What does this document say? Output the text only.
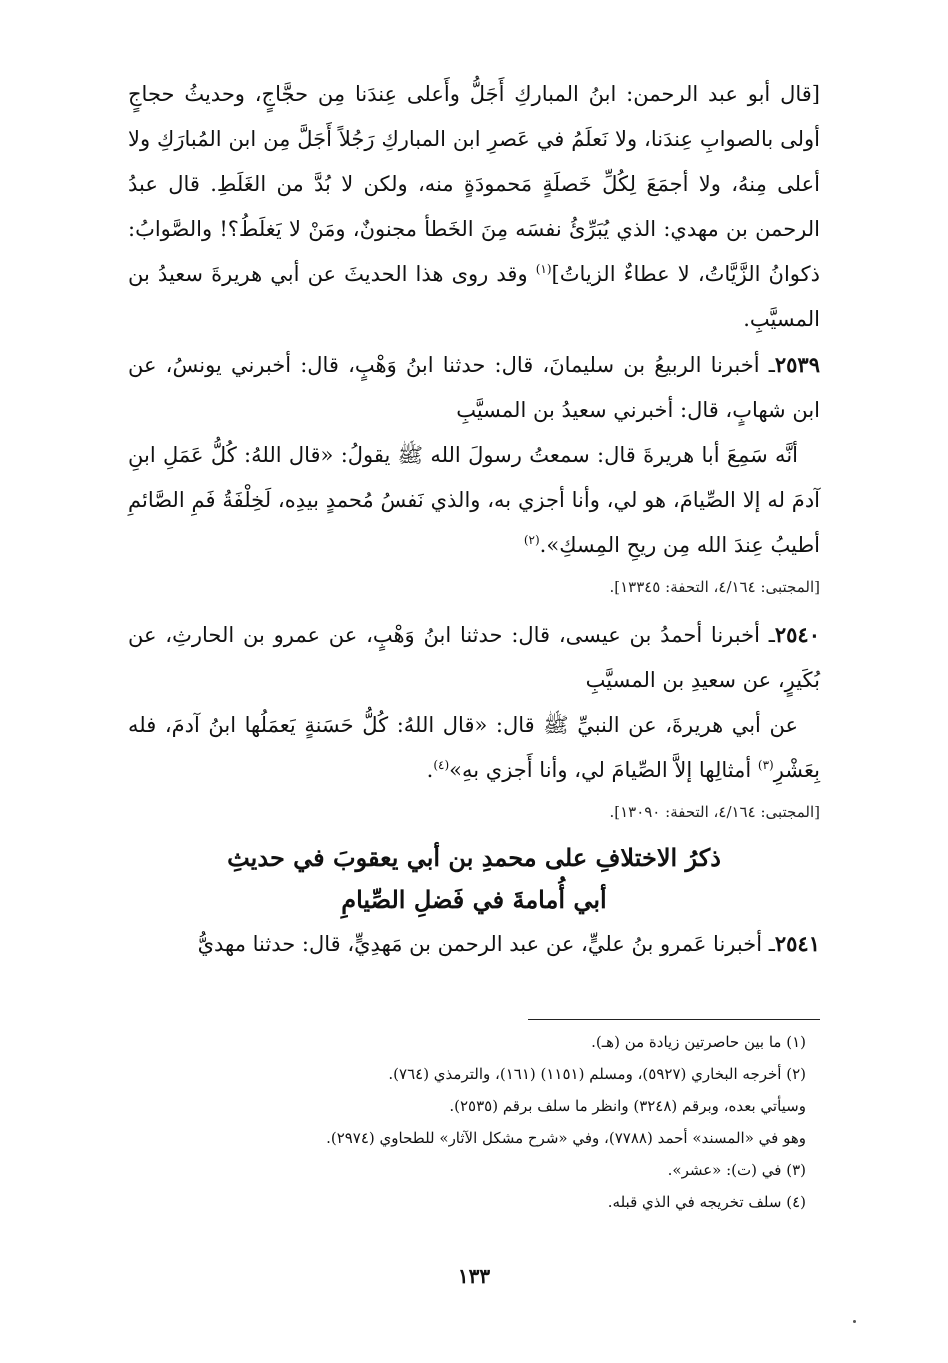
[قال أبو عبد الرحمن: ابنُ المباركِ أَجَلُّ وأَعلى عِندَنا مِن حجَّاجٍ، وحديثُ حجاجٍ أولى بالصوابِ عِندَنا، ولا نَعلَمُ في عَصرِ ابن المباركِ رَجُلاً أَجَلَّ مِن ابن المُبارَكِ ولا أعلى مِنهُ، ولا أجمَعَ لِكُلِّ خَصلَةٍ مَحمودَةٍ منه، ولكن لا بُدَّ من الغَلَطِ. قال عبدُ الرحمن بن مهدي: الذي يُبَرِّئُ نفسَه مِنَ الخَطأ مجنونٌ، ومَنْ لا يَغلَطُ؟! والصَّوابُ: ذكوانُ الزَّيَّاتُ، لا عطاءٌ الزياتُ]$^{(١)}$ وقد روى هذا الحديثَ عن أبي هريرةَ سعيدُ بن المسيَّبِ.

٢٥٣٩ـ أخبرنا الربيعُ بن سليمانَ، قال: حدثنا ابنُ وَهْبٍ، قال: أخبرني يونسُ، عن ابن شهابٍ، قال: أخبرني سعيدُ بن المسيَّبِ

أنَّه سَمِعَ أبا هريرةَ قال: سمعتُ رسولَ الله ﷺ يقولُ: «قال اللهُ: كُلُّ عَمَلِ ابنِ آدمَ له إلا الصِّيامَ، هو لي، وأنا أجزي به، والذي نَفسُ مُحمدٍ بيدِه، لَخِلْفَةُ فَمِ الصَّائمِ أطيبُ عِندَ الله مِن ريحِ المِسكِ».$^{(٢)}$

[المجتبى: ٤/١٦٤، التحفة: ١٣٣٤٥].

٢٥٤٠ـ أخبرنا أحمدُ بن عيسى، قال: حدثنا ابنُ وَهْبٍ، عن عمرو بن الحارثِ، عن بُكَيرٍ، عن سعيدِ بن المسيَّبِ

عن أبي هريرةَ، عن النبيِّ ﷺ قال: «قال اللهُ: كُلُّ حَسَنةٍ يَعمَلُها ابنُ آدمَ، فله بِعَشْرِ$^{(٣)}$ أمثالِها إلاَّ الصِّيامَ لي، وأنا أَجزي بهِ»$^{(٤)}$.

[المجتبى: ٤/١٦٤، التحفة: ١٣٠٩٠].

ذكرُ الاختلافِ على محمدِ بن أبي يعقوبَ في حديثِ
أبي أُمامةَ في فَضلِ الصِّيامِ

٢٥٤١ـ أخبرنا عَمرو بنُ عليٍّ، عن عبد الرحمن بن مَهدِيٍّ، قال: حدثنا مهديُّ

(١) ما بين حاصرتين زيادة من (هـ).

(٢) أخرجه البخاري (٥٩٢٧)، ومسلم (١١٥١) (١٦١)، والترمذي (٧٦٤).

وسيأتي بعده، وبرقم (٣٢٤٨) وانظر ما سلف برقم (٢٥٣٥).

وهو في «المسند» أحمد (٧٧٨٨)، وفي «شرح مشكل الآثار» للطحاوي (٢٩٧٤).

(٣) في (ت): «عشر».

(٤) سلف تخريجه في الذي قبله.

١٣٣
